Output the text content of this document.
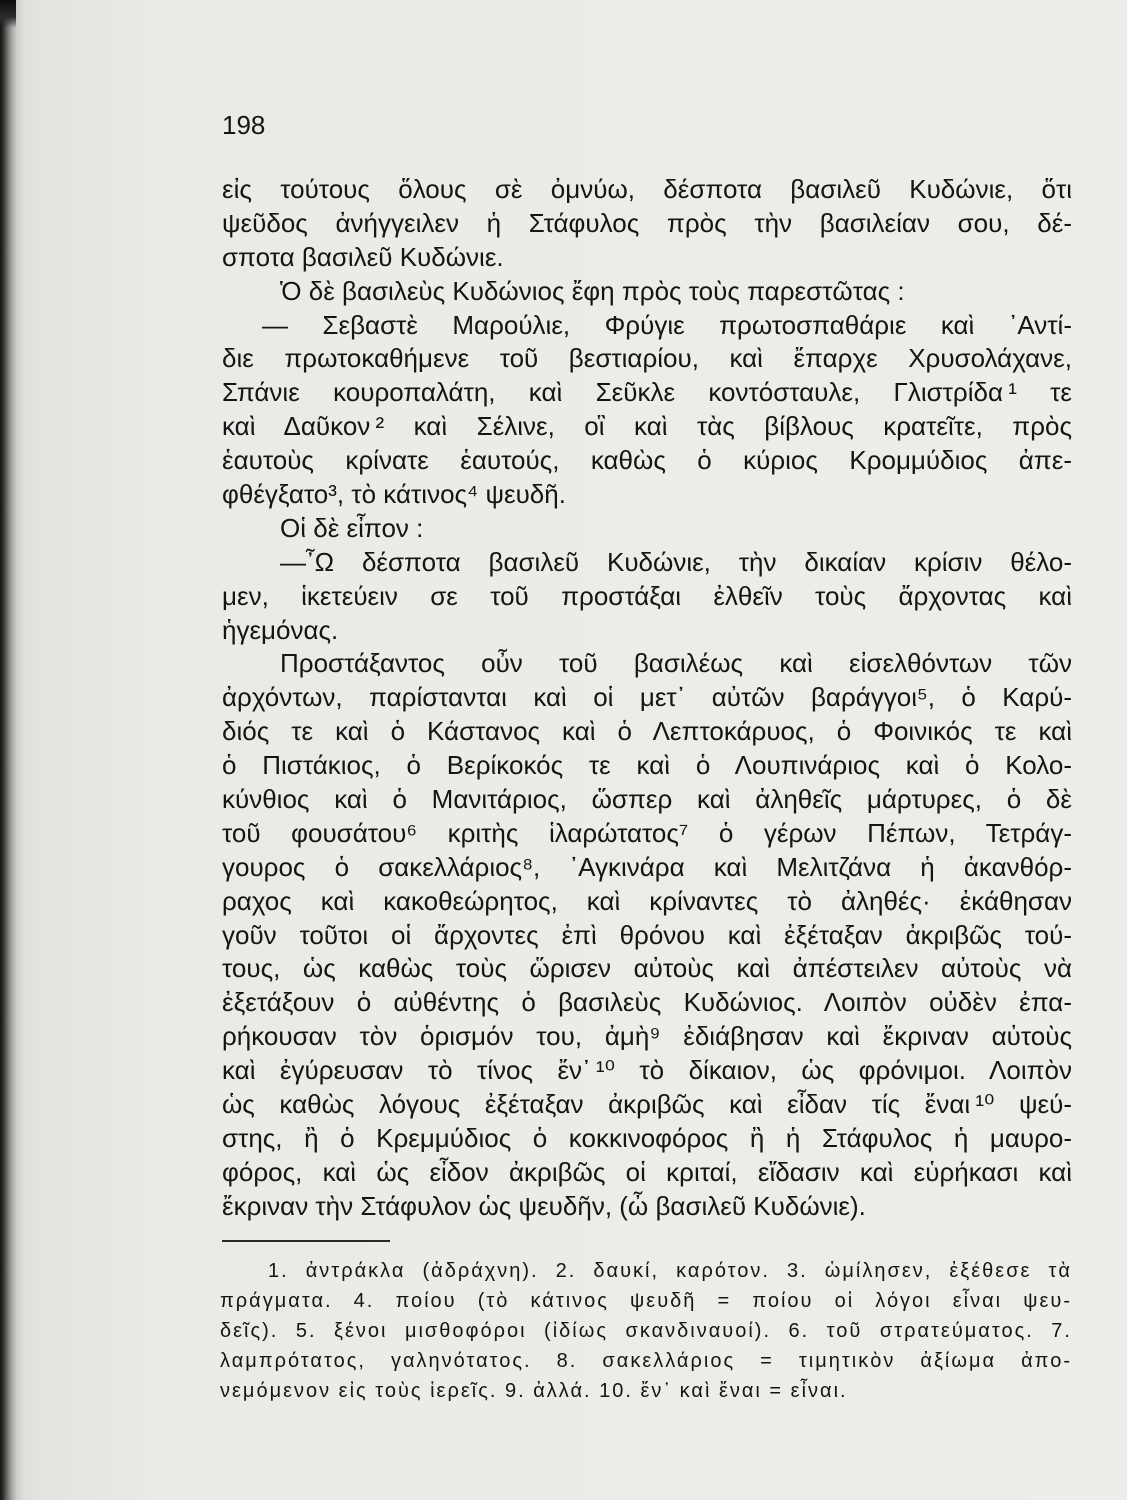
198
εἰς τούτους ὅλους σὲ ὀμνύω, δέσποτα βασιλεῦ Κυδώνιε, ὅτι
ψεῦδος ἀνήγγειλεν ἡ Στάφυλος πρὸς τὴν βασιλείαν σου, δέ-
σποτα βασιλεῦ Κυδώνιε.
Ὁ δὲ βασιλεὺς Κυδώνιος ἔφη πρὸς τοὺς παρεστῶτας :
— Σεβαστὲ Μαρούλιε, Φρύγιε πρωτοσπαθάριε καὶ ᾿Αντί-
διε πρωτοκαθήμενε τοῦ βεστιαρίου, καὶ ἔπαρχε Χρυσολάχανε,
Σπάνιε κουροπαλάτη, καὶ Σεῦκλε κοντόσταυλε, Γλιστρίδα ¹ τε
καὶ Δαῦκον ² καὶ Σέλινε, οἳ καὶ τὰς βίβλους κρατεῖτε, πρὸς
ἑαυτοὺς κρίνατε ἑαυτούς, καθὼς ὁ κύριος Κρομμύδιος ἀπε-
φθέγξατο³, τὸ κάτινος⁴ ψευδῆ.
Οἱ δὲ εἶπον :
—῏Ω δέσποτα βασιλεῦ Κυδώνιε, τὴν δικαίαν κρίσιν θέλο-
μεν, ἱκετεύειν σε τοῦ προστάξαι ἐλθεῖν τοὺς ἄρχοντας καὶ
ἡγεμόνας.
Προστάξαντος οὖν τοῦ βασιλέως καὶ εἰσελθόντων τῶν
ἀρχόντων, παρίστανται καὶ οἱ μετ᾿ αὐτῶν βαράγγοι⁵, ὁ Καρύ-
διός τε καὶ ὁ Κάστανος καὶ ὁ Λεπτοκάρυος, ὁ Φοινικός τε καὶ
ὁ Πιστάκιος, ὁ Βερίκοκός τε καὶ ὁ Λουπινάριος καὶ ὁ Κολο-
κύνθιος καὶ ὁ Μανιτάριος, ὥσπερ καὶ ἀληθεῖς μάρτυρες, ὁ δὲ
τοῦ φουσάτου⁶ κριτὴς ἱλαρώτατος⁷ ὁ γέρων Πέπων, Τετράγ-
γουρος ὁ σακελλάριος⁸, ᾿Αγκινάρα καὶ Μελιτζάνα ἡ ἀκανθόρ-
ραχος καὶ κακοθεώρητος, καὶ κρίναντες τὸ ἀληθές· ἐκάθησαν
γοῦν τοῦτοι οἱ ἄρχοντες ἐπὶ θρόνου καὶ ἐξέταξαν ἀκριβῶς τού-
τους, ὡς καθὼς τοὺς ὥρισεν αὐτοὺς καὶ ἀπέστειλεν αὐτοὺς νὰ
ἐξετάξουν ὁ αὐθέντης ὁ βασιλεὺς Κυδώνιος. Λοιπὸν οὐδὲν ἐπα-
ρήκουσαν τὸν ὁρισμόν του, ἀμὴ⁹ ἐδιάβησαν καὶ ἔκριναν αὐτοὺς
καὶ ἐγύρευσαν τὸ τίνος ἔν᾿ ¹⁰ τὸ δίκαιον, ὡς φρόνιμοι. Λοιπὸν
ὡς καθὼς λόγους ἐξέταξαν ἀκριβῶς καὶ εἶδαν τίς ἔναι ¹⁰ ψεύ-
στης, ἢ ὁ Κρεμμύδιος ὁ κοκκινοφόρος ἢ ἡ Στάφυλος ἡ μαυρο-
φόρος, καὶ ὡς εἶδον ἀκριβῶς οἱ κριταί, εἴδασιν καὶ εὑρήκασι καὶ
ἔκριναν τὴν Στάφυλον ὡς ψευδῆν, (ὦ βασιλεῦ Κυδώνιε).
1. ἀντράκλα (ἀδράχνη). 2. δαυκί, καρότον. 3. ὡμίλησεν, ἐξέθεσε τὰ
πράγματα. 4. ποίου (τὸ κάτινος ψευδῆ = ποίου οἱ λόγοι εἶναι ψευ-
δεῖς). 5. ξένοι μισθοφόροι (ἰδίως σκανδιναυοί). 6. τοῦ στρατεύματος. 7.
λαμπρότατος, γαληνότατος. 8. σακελλάριος = τιμητικὸν ἀξίωμα ἀπο-
νεμόμενον εἰς τοὺς ἱερεῖς. 9. ἀλλά. 10. ἔν᾿ καὶ ἔναι = εἶναι.
